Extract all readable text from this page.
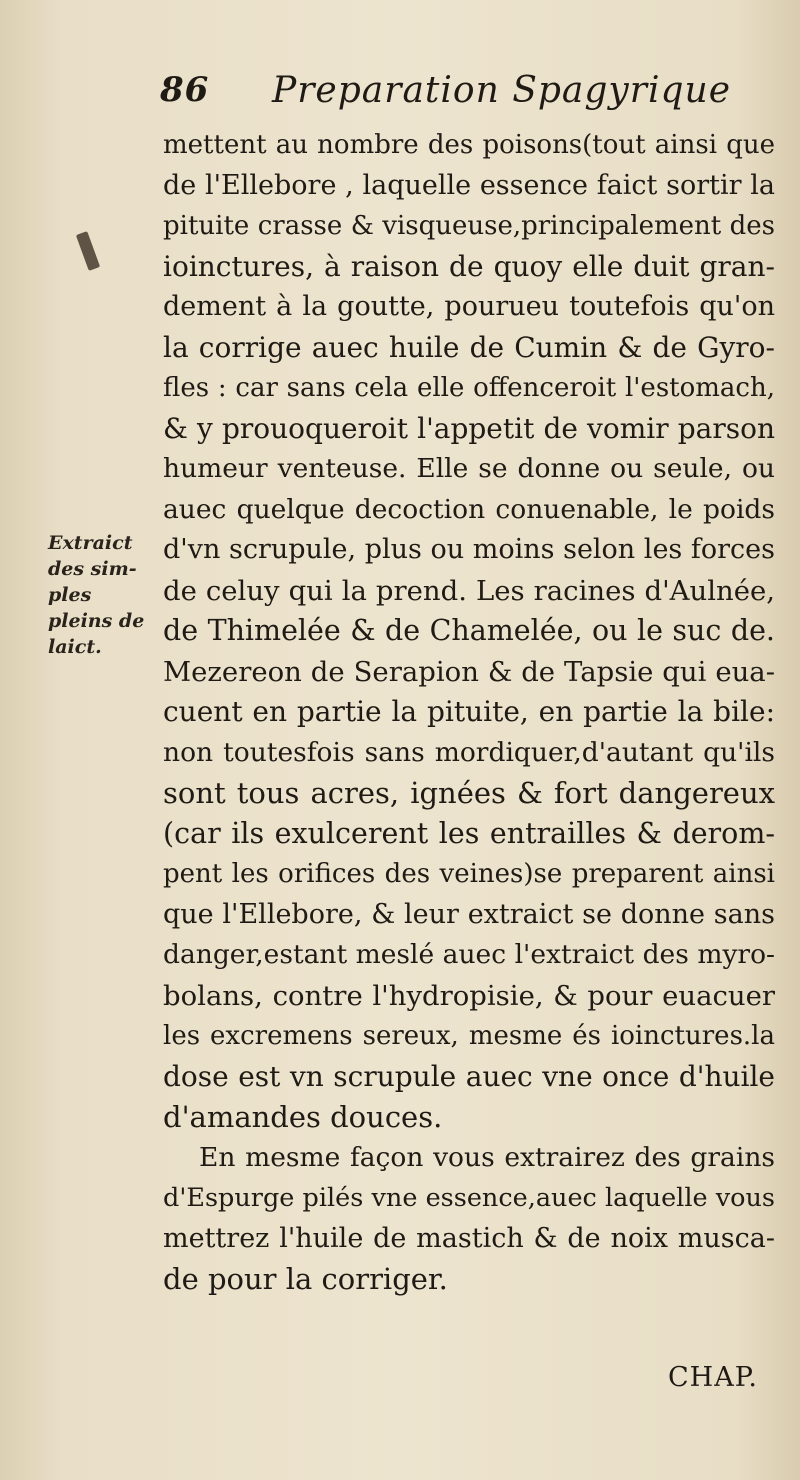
86 Preparation Spagyrique
Extraict
des sim-
ples
pleins de
laict.
mettent au nombre des poisons(tout ainsi que
de l'Ellebore , laquelle essence faict sortir la
pituite crasse & visqueuse,principalement des
ioinctures, à raison de quoy elle duit gran-
dement à la goutte, pourueu toutefois qu'on
la corrige auec huile de Cumin & de Gyro-
fles : car sans cela elle offenceroit l'estomach,
& y prouoqueroit l'appetit de vomir parson
humeur venteuse. Elle se donne ou seule, ou
auec quelque decoction conuenable, le poids
d'vn scrupule, plus ou moins selon les forces
de celuy qui la prend. Les racines d'Aulnée,
de Thimelée & de Chamelée, ou le suc de.
Mezereon de Serapion & de Tapsie qui eua-
cuent en partie la pituite, en partie la bile:
non toutesfois sans mordiquer,d'autant qu'ils
sont tous acres, ignées & fort dangereux
(car ils exulcerent les entrailles & derom-
pent les orifices des veines)se preparent ainsi
que l'Ellebore, & leur extraict se donne sans
danger,estant meslé auec l'extraict des myro-
bolans, contre l'hydropisie, & pour euacuer
les excremens sereux, mesme és ioinctures.la
dose est vn scrupule auec vne once d'huile
d'amandes douces.
En mesme façon vous extrairez des grains
d'Espurge pilés vne essence,auec laquelle vous
mettrez l'huile de mastich & de noix musca-
de pour la corriger.
CHAP.
